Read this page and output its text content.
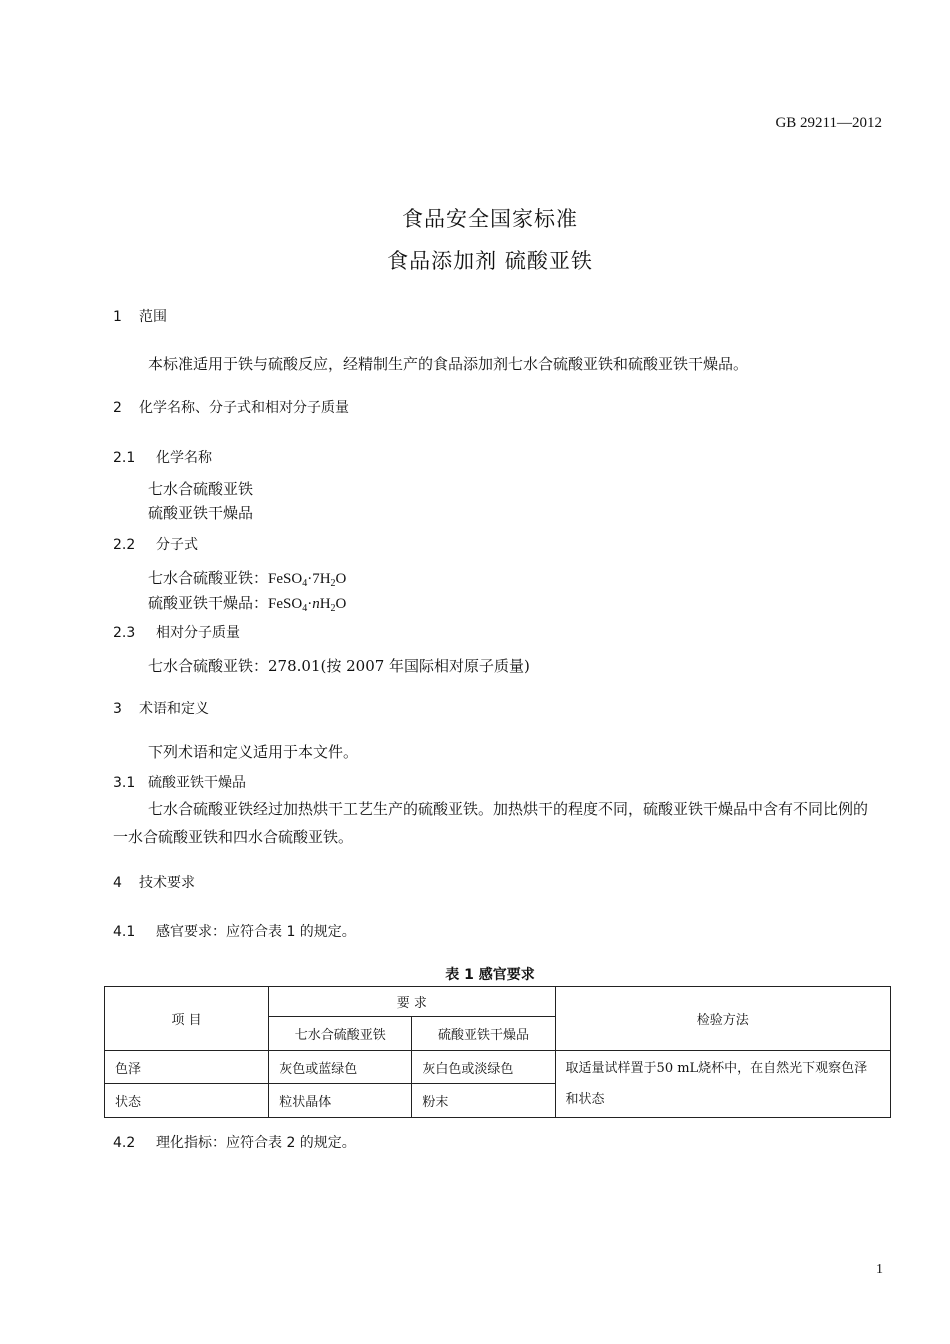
GB 29211—2012
食品安全国家标准
食品添加剂 硫酸亚铁
1 范围
本标准适用于铁与硫酸反应，经精制生产的食品添加剂七水合硫酸亚铁和硫酸亚铁干燥品。
2 化学名称、分子式和相对分子质量
2.1 化学名称
七水合硫酸亚铁
硫酸亚铁干燥品
2.2 分子式
七水合硫酸亚铁：$FeSO_4\cdot 7H_2O$
硫酸亚铁干燥品：$FeSO_4\cdot nH_2O$
2.3 相对分子质量
七水合硫酸亚铁：278.01(按 2007 年国际相对原子质量)
3 术语和定义
下列术语和定义适用于本文件。
3.1 硫酸亚铁干燥品
七水合硫酸亚铁经过加热烘干工艺生产的硫酸亚铁。加热烘干的程度不同，硫酸亚铁干燥品中含有不同比例的一水合硫酸亚铁和四水合硫酸亚铁。
4 技术要求
4.1 感官要求：应符合表 1 的规定。
表 1 感官要求
项 目	要 求		检验方法
	七水合硫酸亚铁	硫酸亚铁干燥品	
色泽	灰色或蓝绿色	灰白色或淡绿色	取适量试样置于50 mL烧杯中，在自然光下观察色泽和状态
状态	粒状晶体	粉末	
4.2 理化指标：应符合表 2 的规定。
1
